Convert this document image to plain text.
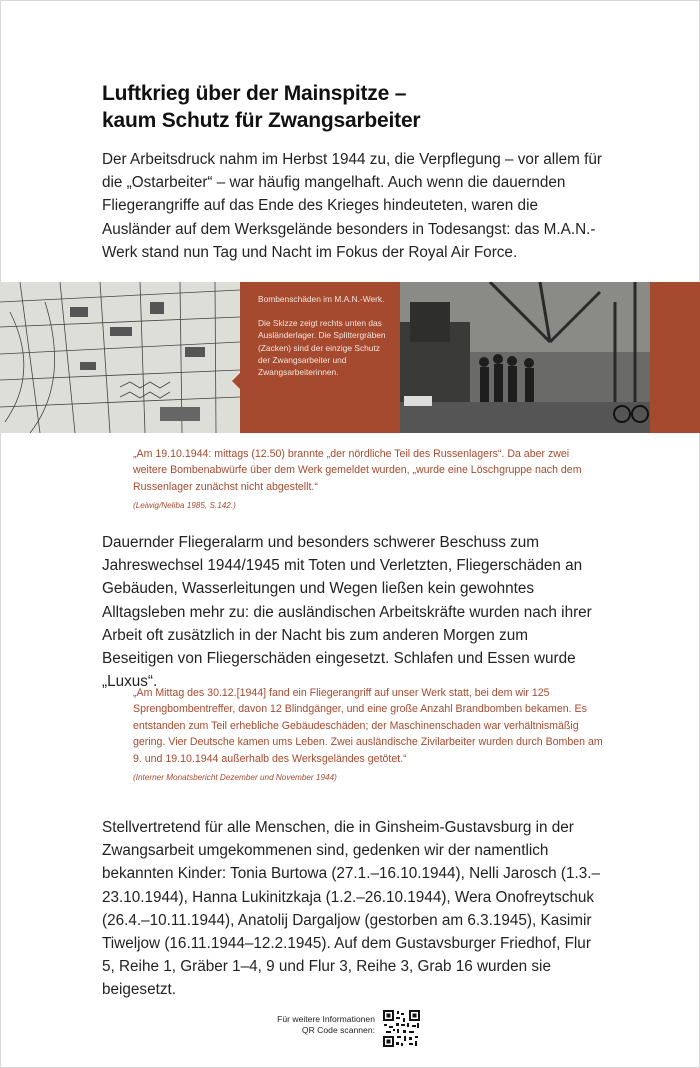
Luftkrieg über der Mainspitze –
kaum Schutz für Zwangsarbeiter

Der Arbeitsdruck nahm im Herbst 1944 zu, die Verpflegung – vor allem für die „Ostarbeiter“ – war häufig mangelhaft. Auch wenn die dauernden Fliegerangriffe auf das Ende des Krieges hindeuteten, waren die Ausländer auf dem Werksgelände besonders in Todesangst: das M.A.N.-Werk stand nun Tag und Nacht im Fokus der Royal Air Force.

Bombenschäden im M.A.N.-Werk.

Die Skizze zeigt rechts unten das Ausländerlager. Die Splittergräben (Zacken) sind der einzige Schutz der Zwangsarbeiter und Zwangsarbeiterinnen.

„Am 19.10.1944: mittags (12.50) brannte „der nördliche Teil des Russenlagers“. Da aber zwei weitere Bombenabwürfe über dem Werk gemeldet wurden, „wurde eine Löschgruppe nach dem Russenlager zunächst nicht abgestellt.“
(Leiwig/Neliba 1985, S.142.)

Dauernder Fliegeralarm und besonders schwerer Beschuss zum Jahreswechsel 1944/1945 mit Toten und Verletzten, Fliegerschäden an Gebäuden, Wasserleitungen und Wegen ließen kein gewohntes Alltagsleben mehr zu: die ausländischen Arbeitskräfte wurden nach ihrer Arbeit oft zusätzlich in der Nacht bis zum anderen Morgen zum Beseitigen von Fliegerschäden eingesetzt. Schlafen und Essen wurde „Luxus“.

„Am Mittag des 30.12.[1944] fand ein Fliegerangriff auf unser Werk statt, bei dem wir 125 Sprengbombentreffer, davon 12 Blindgänger, und eine große Anzahl Brandbomben bekamen. Es entstanden zum Teil erhebliche Gebäudeschäden; der Maschinenschaden war verhältnismäßig gering. Vier Deutsche kamen ums Leben. Zwei ausländische Zivilarbeiter wurden durch Bomben am 9. und 19.10.1944 außerhalb des Werksgeländes getötet.“
(Interner Monatsbericht Dezember und November 1944)

Stellvertretend für alle Menschen, die in Ginsheim-Gustavsburg in der Zwangsarbeit umgekommenen sind, gedenken wir der namentlich bekannten Kinder: Tonia Burtowa (27.1.–16.10.1944), Nelli Jarosch (1.3.–23.10.1944), Hanna Lukinitzkaja (1.2.–26.10.1944), Wera Onofreytschuk (26.4.–10.11.1944), Anatolij Dargaljow (gestorben am 6.3.1945), Kasimir Tiweljow (16.11.1944–12.2.1945). Auf dem Gustavsburger Friedhof, Flur 5, Reihe 1, Gräber 1–4, 9 und Flur 3, Reihe 3, Grab 16 wurden sie beigesetzt.

Für weitere Informationen
QR Code scannen:
